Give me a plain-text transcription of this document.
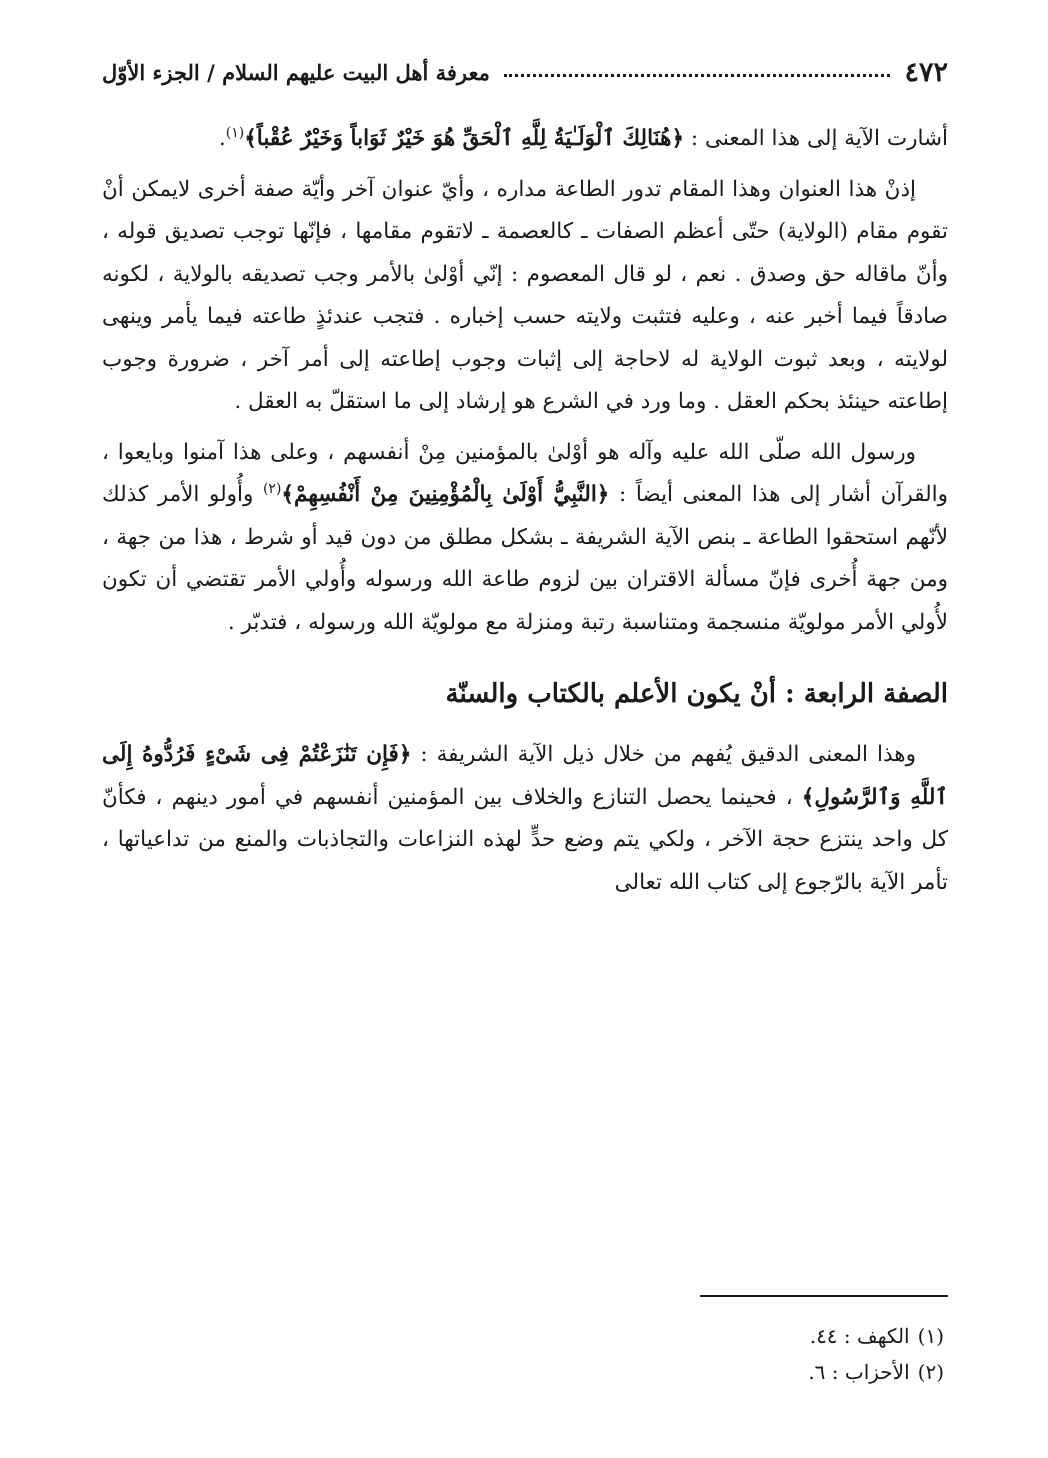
٤٧٢
معرفة أهل البيت عليهم السلام / الجزء الأوّل

أشارت الآية إلى هذا المعنى : ﴿هُنَالِكَ ٱلْوَلَـٰيَةُ لِلَّهِ ٱلْحَقِّ هُوَ خَيْرٌ ثَوَاباً وَخَيْرٌ عُقْباً﴾$^{(١)}$.

إذنْ هذا العنوان وهذا المقام تدور الطاعة مداره ، وأيّ عنوان آخر وأيّة صفة أخرى لايمكن أنْ تقوم مقام (الولاية) حتّى أعظم الصفات ـ كالعصمة ـ لاتقوم مقامها ، فإنّها توجب تصديق قوله ، وأنّ ماقاله حق وصدق . نعم ، لو قال المعصوم : إنّي أوْلىٰ بالأمر وجب تصديقه بالولاية ، لكونه صادقاً فيما أخبر عنه ، وعليه فتثبت ولايته حسب إخباره . فتجب عندئذٍ طاعته فيما يأمر وينهى لولايته ، وبعد ثبوت الولاية له لاحاجة إلى إثبات وجوب إطاعته إلى أمر آخر ، ضرورة وجوب إطاعته حينئذ بحكم العقل . وما ورد في الشرع هو إرشاد إلى ما استقلّ به العقل .

ورسول الله صلّى الله عليه وآله هو أوْلىٰ بالمؤمنين مِنْ أنفسهم ، وعلى هذا آمنوا وبايعوا ، والقرآن أشار إلى هذا المعنى أيضاً : ﴿النَّبِيُّ أَوْلَىٰ بِالْمُؤْمِنِينَ مِنْ أَنْفُسِهِمْ﴾$^{(٢)}$ وأُولو الأمر كذلك لأنّهم استحقوا الطاعة ـ بنص الآية الشريفة ـ بشكل مطلق من دون قيد أو شرط ، هذا من جهة ، ومن جهة أُخرى فإنّ مسألة الاقتران بين لزوم طاعة الله ورسوله وأُولي الأمر تقتضي أن تكون لأُولي الأمر مولويّة منسجمة ومتناسبة رتبة ومنزلة مع مولويّة الله ورسوله ، فتدبّر .

الصفة الرابعة : أنْ يكون الأعلم بالكتاب والسنّة

وهذا المعنى الدقيق يُفهم من خلال ذيل الآية الشريفة : ﴿فَإِن تَنَٰزَعْتُمْ فِى شَىْءٍ فَرُدُّوهُ إِلَى ٱللَّهِ وَٱلرَّسُولِ﴾ ، فحينما يحصل التنازع والخلاف بين المؤمنين أنفسهم في أمور دينهم ، فكأنّ كل واحد ينتزع حجة الآخر ، ولكي يتم وضع حدٍّ لهذه النزاعات والتجاذبات والمنع من تداعياتها ، تأمر الآية بالرّجوع إلى كتاب الله تعالى

(١)الكهف : ٤٤.
(٢)الأحزاب : ٦.
